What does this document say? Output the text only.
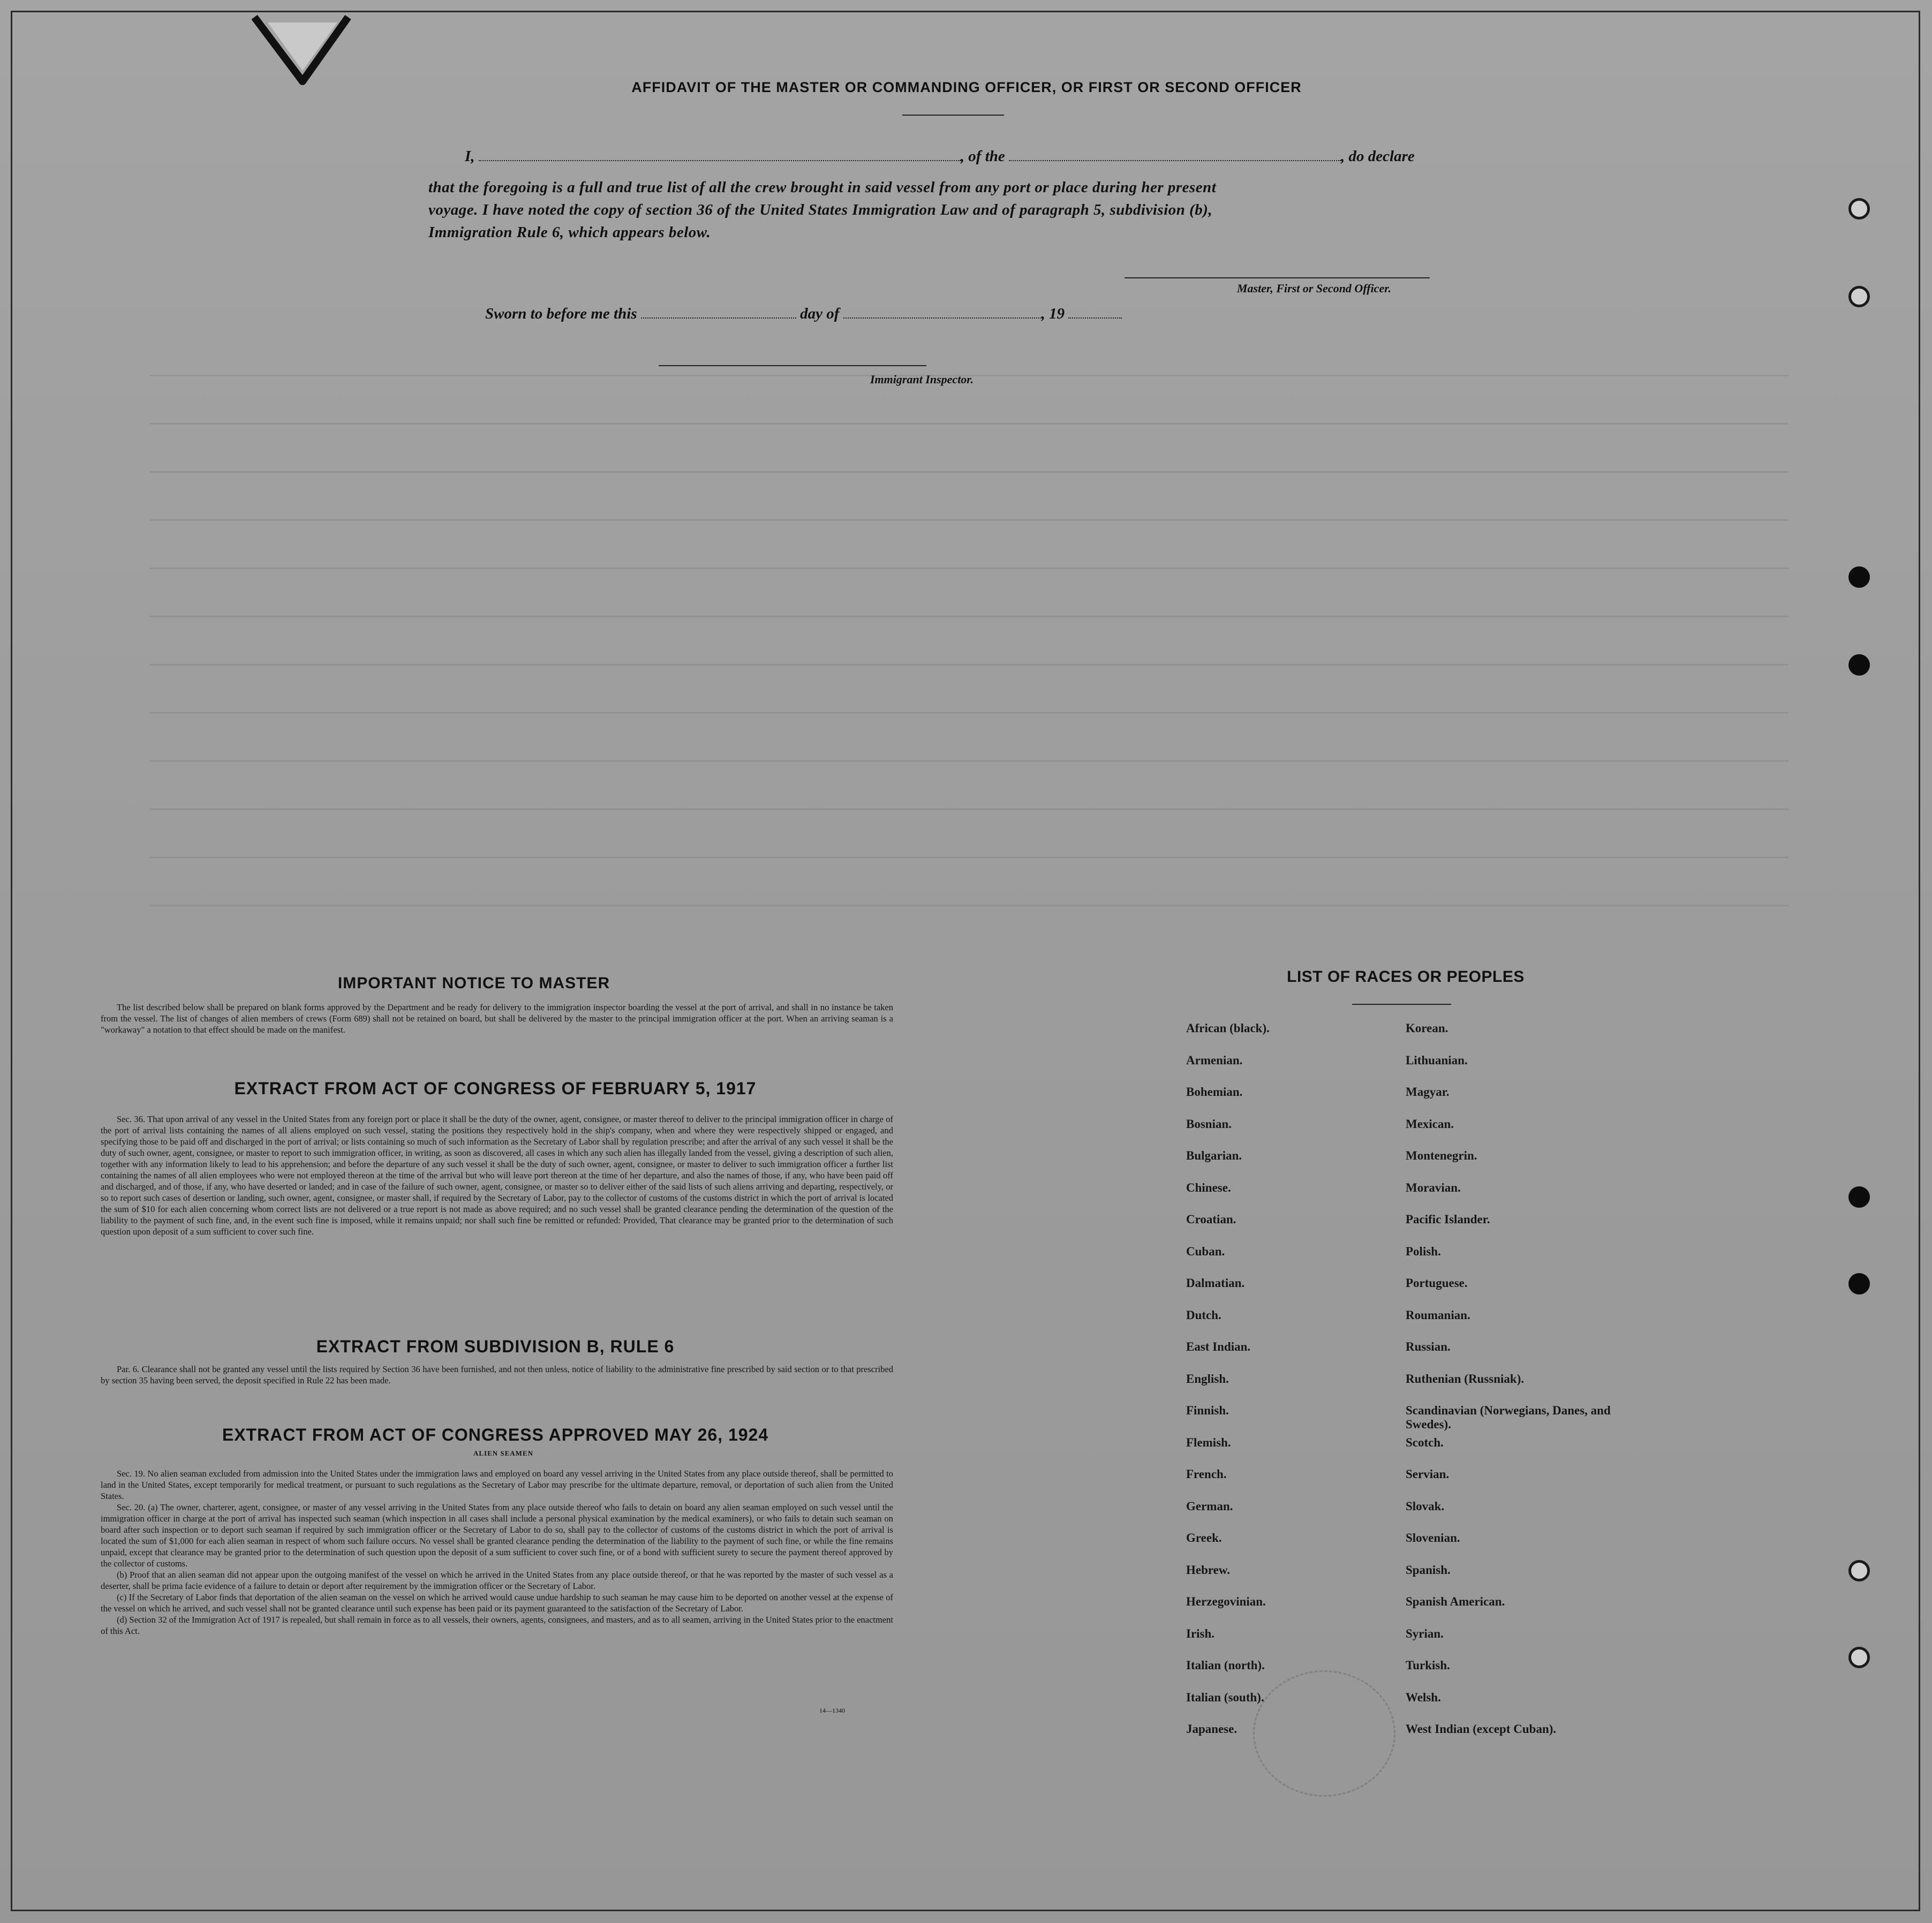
AFFIDAVIT OF THE MASTER OR COMMANDING OFFICER, OR FIRST OR SECOND OFFICER
I,	, of the	, do declare
that the foregoing is a full and true list of all the crew brought in said vessel from any port or place during her present
voyage. I have noted the copy of section 36 of the United States Immigration Law and of paragraph 5, subdivision (b),
Immigration Rule 6, which appears below.
Master, First or Second Officer.
Sworn to before me this	day of	, 19
Immigrant Inspector.
IMPORTANT NOTICE TO MASTER

The list described below shall be prepared on blank forms approved by the Department and be ready for delivery to the immigration inspector boarding the vessel at the port of arrival, and shall in no instance be taken from the vessel. The list of changes of alien members of crews (Form 689) shall not be retained on board, but shall be delivered by the master to the principal immigration officer at the port. When an arriving seaman is a "workaway" a notation to that effect should be made on the manifest.

EXTRACT FROM ACT OF CONGRESS OF FEBRUARY 5, 1917

Sec. 36. That upon arrival of any vessel in the United States from any foreign port or place it shall be the duty of the owner, agent, consignee, or master thereof to deliver to the principal immigration officer in charge of the port of arrival lists containing the names of all aliens employed on such vessel, stating the positions they respectively hold in the ship's company, when and where they were respectively shipped or engaged, and specifying those to be paid off and discharged in the port of arrival; or lists containing so much of such information as the Secretary of Labor shall by regulation prescribe; and after the arrival of any such vessel it shall be the duty of such owner, agent, consignee, or master to report to such immigration officer, in writing, as soon as discovered, all cases in which any such alien has illegally landed from the vessel, giving a description of such alien, together with any information likely to lead to his apprehension; and before the departure of any such vessel it shall be the duty of such owner, agent, consignee, or master to deliver to such immigration officer a further list containing the names of all alien employees who were not employed thereon at the time of the arrival but who will leave port thereon at the time of her departure, and also the names of those, if any, who have been paid off and discharged, and of those, if any, who have deserted or landed; and in case of the failure of such owner, agent, consignee, or master so to deliver either of the said lists of such aliens arriving and departing, respectively, or so to report such cases of desertion or landing, such owner, agent, consignee, or master shall, if required by the Secretary of Labor, pay to the collector of customs of the customs district in which the port of arrival is located the sum of $10 for each alien concerning whom correct lists are not delivered or a true report is not made as above required; and no such vessel shall be granted clearance pending the determination of the question of the liability to the payment of such fine, and, in the event such fine is imposed, while it remains unpaid; nor shall such fine be remitted or refunded: Provided, That clearance may be granted prior to the determination of such question upon deposit of a sum sufficient to cover such fine.

EXTRACT FROM SUBDIVISION B, RULE 6

Par. 6. Clearance shall not be granted any vessel until the lists required by Section 36 have been furnished, and not then unless, notice of liability to the administrative fine prescribed by said section or to that prescribed by section 35 having been served, the deposit specified in Rule 22 has been made.

EXTRACT FROM ACT OF CONGRESS APPROVED MAY 26, 1924
ALIEN SEAMEN

Sec. 19. No alien seaman excluded from admission into the United States under the immigration laws and employed on board any vessel arriving in the United States from any place outside thereof, shall be permitted to land in the United States, except temporarily for medical treatment, or pursuant to such regulations as the Secretary of Labor may prescribe for the ultimate departure, removal, or deportation of such alien from the United States.

Sec. 20. (a) The owner, charterer, agent, consignee, or master of any vessel arriving in the United States from any place outside thereof who fails to detain on board any alien seaman employed on such vessel until the immigration officer in charge at the port of arrival has inspected such seaman (which inspection in all cases shall include a personal physical examination by the medical examiners), or who fails to detain such seaman on board after such inspection or to deport such seaman if required by such immigration officer or the Secretary of Labor to do so, shall pay to the collector of customs of the customs district in which the port of arrival is located the sum of $1,000 for each alien seaman in respect of whom such failure occurs. No vessel shall be granted clearance pending the determination of the liability to the payment of such fine, or while the fine remains unpaid, except that clearance may be granted prior to the determination of such question upon the deposit of a sum sufficient to cover such fine, or of a bond with sufficient surety to secure the payment thereof approved by the collector of customs.

(b) Proof that an alien seaman did not appear upon the outgoing manifest of the vessel on which he arrived in the United States from any place outside thereof, or that he was reported by the master of such vessel as a deserter, shall be prima facie evidence of a failure to detain or deport after requirement by the immigration officer or the Secretary of Labor.

(c) If the Secretary of Labor finds that deportation of the alien seaman on the vessel on which he arrived would cause undue hardship to such seaman he may cause him to be deported on another vessel at the expense of the vessel on which he arrived, and such vessel shall not be granted clearance until such expense has been paid or its payment guaranteed to the satisfaction of the Secretary of Labor.

(d) Section 32 of the Immigration Act of 1917 is repealed, but shall remain in force as to all vessels, their owners, agents, consignees, and masters, and as to all seamen, arriving in the United States prior to the enactment of this Act.

14—1340
LIST OF RACES OR PEOPLES
African (black).
Armenian.
Bohemian.
Bosnian.
Bulgarian.
Chinese.
Croatian.
Cuban.
Dalmatian.
Dutch.
East Indian.
English.
Finnish.
Flemish.
French.
German.
Greek.
Hebrew.
Herzegovinian.
Irish.
Italian (north).
Italian (south).
Japanese.
Korean.
Lithuanian.
Magyar.
Mexican.
Montenegrin.
Moravian.
Pacific Islander.
Polish.
Portuguese.
Roumanian.
Russian.
Ruthenian (Russniak).
Scandinavian (Norwegians, Danes, and Swedes).
Scotch.
Servian.
Slovak.
Slovenian.
Spanish.
Spanish American.
Syrian.
Turkish.
Welsh.
West Indian (except Cuban).
